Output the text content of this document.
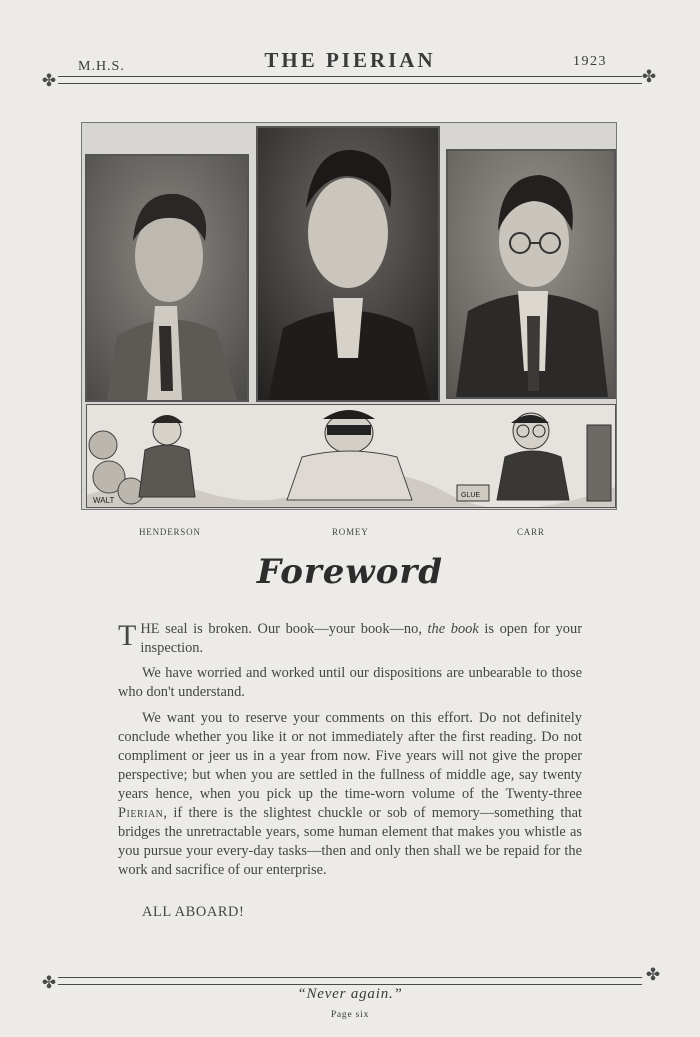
M.H.S.	THE PIERIAN	1923
✤	✤
WALT
GLUE
HENDERSON	ROMEY	CARR
Foreword

THE seal is broken. Our book—your book—no, the book is open for your inspection.

We have worried and worked until our dispositions are unbearable to those who don't understand.

We want you to reserve your comments on this effort. Do not definitely conclude whether you like it or not immediately after the first reading. Do not compliment or jeer us in a year from now. Five years will not give the proper perspective; but when you are settled in the fullness of middle age, say twenty years hence, when you pick up the time-worn volume of the Twenty-three Pierian, if there is the slightest chuckle or sob of memory—something that bridges the unretractable years, some human element that makes you whistle as you pursue your every-day tasks—then and only then shall we be repaid for the work and sacrifice of our enterprise.

ALL ABOARD!

✤	✤
“Never again.”
Page six
